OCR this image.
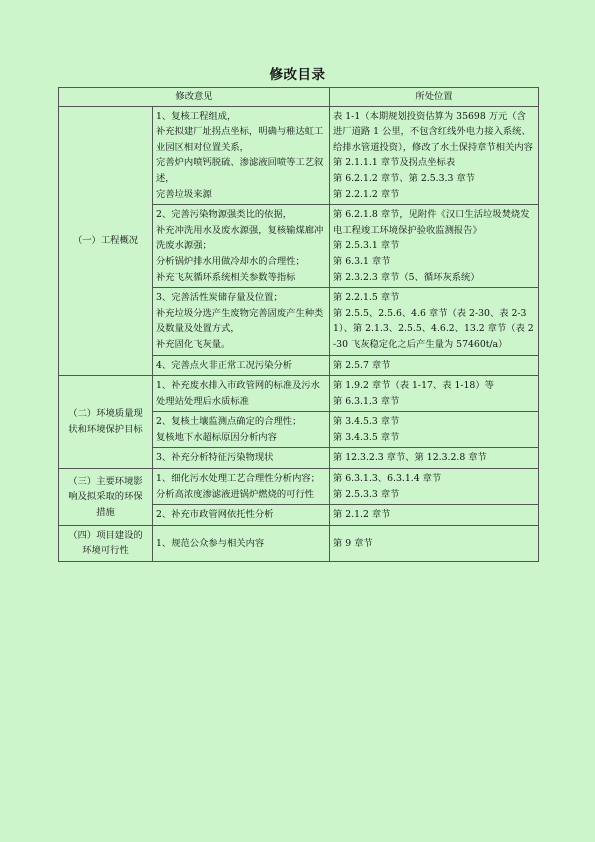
修改目录
修改意见		所处位置
（一）工程概况	1、复核工程组成，
补充拟建厂址拐点坐标，明确与稚达虹工业园区相对位置关系，
完善炉内喷钙脱硫、渗滤液回喷等工艺叙述，
完善垃圾来源	表 1-1（本期规划投资估算为 35698 万元（含进厂道路 1 公里，不包含红线外电力接入系统、给排水管道投资），修改了水土保持章节相关内容
第 2.1.1.1 章节及拐点坐标表
第 6.2.1.2 章节、第 2.5.3.3 章节
第 2.2.1.2 章节

	2、完善污染物源强类比的依据，
补充冲洗用水及废水源强，复核输煤廊冲洗废水源强；
分析锅炉排水用做冷却水的合理性；
补充飞灰循环系统相关参数等指标	第 6.2.1.8 章节，见附件《汉口生活垃圾焚烧发电工程竣工环境保护验收监测报告》
第 2.5.3.1 章节
第 6.3.1 章节
第 2.3.2.3 章节（5、循环灰系统）

	3、完善活性炭储存量及位置；
补充垃圾分选产生废物完善固废产生种类及数量及处置方式，
补充固化飞灰量。	第 2.2.1.5 章节
第 2.5.5、2.5.6、4.6 章节（表 2-30、表 2-31）、第 2.1.3、2.5.5、4.6.2、13.2 章节（表 2-30 飞灰稳定化之后产生量为 57460t/a）

	4、完善点火非正常工况污染分析	第 2.5.7 章节

（二）环境质量现状和环境保护目标	1、补充废水排入市政管网的标准及污水处理站处理后水质标准	第 1.9.2 章节（表 1-17、表 1-18）等
第 6.3.1.3 章节

	2、复核土壤监测点确定的合理性；
复核地下水超标原因分析内容	第 3.4.5.3 章节
第 3.4.3.5 章节

	3、补充分析特征污染物现状	第 12.3.2.3 章节、第 12.3.2.8 章节

（三）主要环境影响及拟采取的环保措施	1、细化污水处理工艺合理性分析内容；
分析高浓度渗滤液进锅炉燃烧的可行性	第 6.3.1.3、6.3.1.4 章节
第 2.5.3.3 章节

	2、补充市政管网依托性分析	第 2.1.2 章节

（四）项目建设的环境可行性	1、规范公众参与相关内容	第 9 章节
